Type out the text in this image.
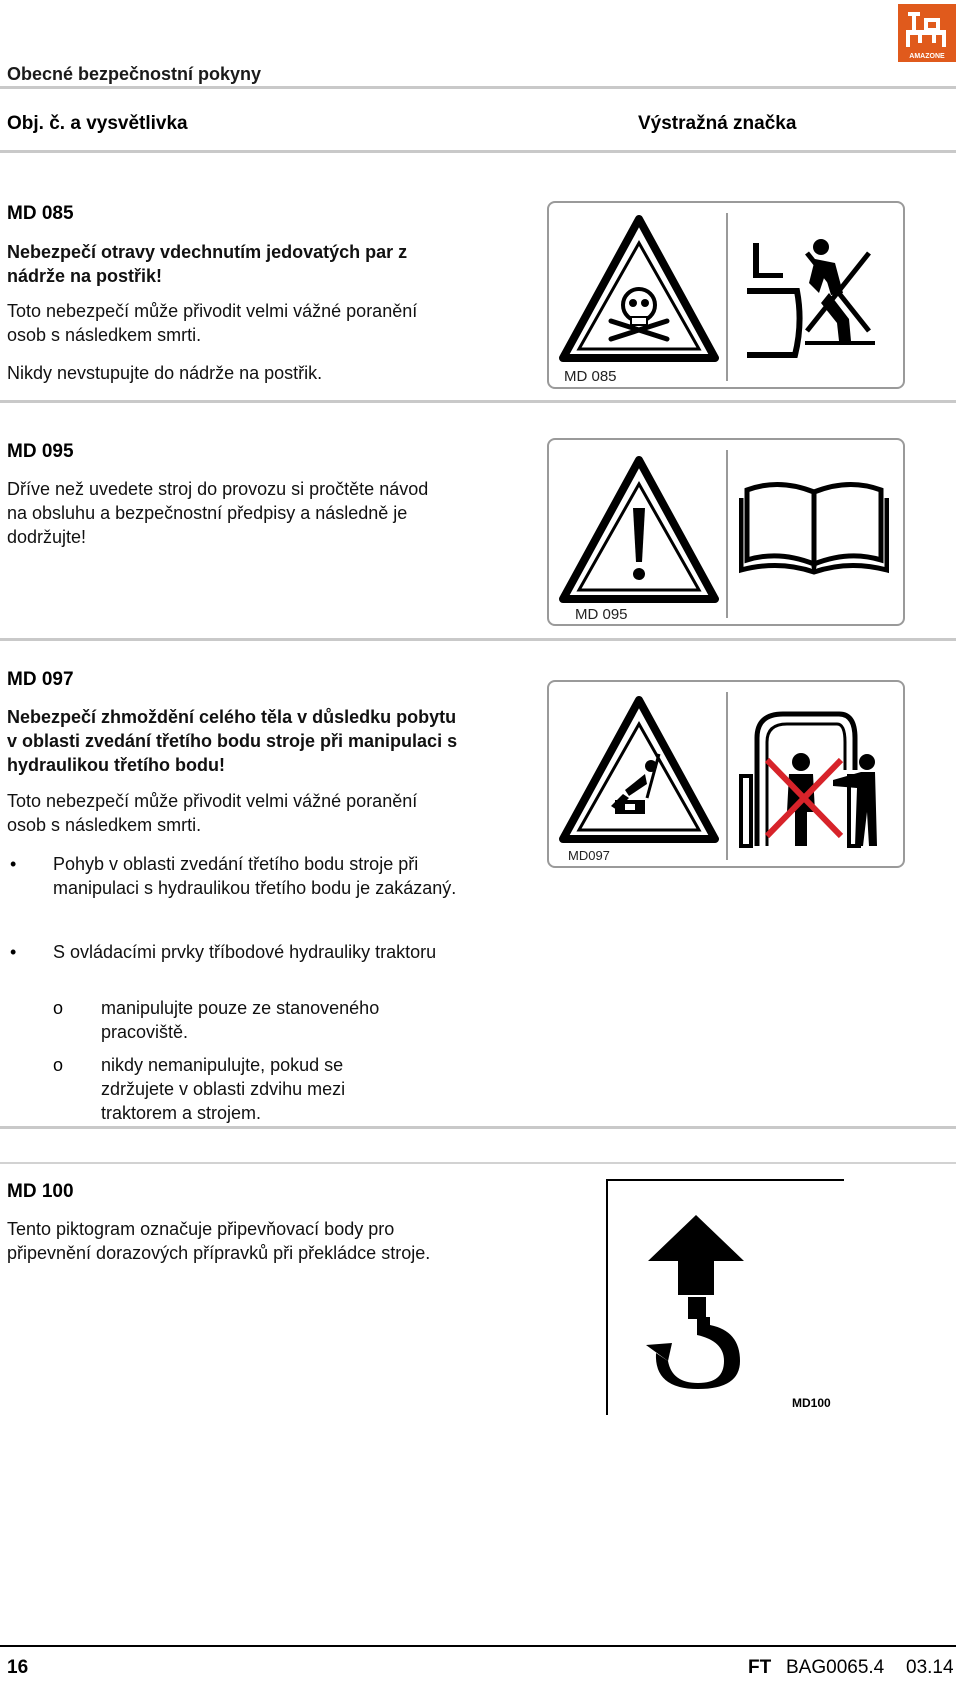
AMAZONE
Obecné bezpečnostní pokyny
Obj. č. a vysvětlivka	Výstražná značka
MD 085
Nebezpečí otravy vdechnutím jedovatých par z nádrže na postřik!
Toto nebezpečí může přivodit velmi vážné poranění osob s následkem smrti.
Nikdy nevstupujte do nádrže na postřik.	MD 085
MD 095
Dříve než uvedete stroj do provozu si pročtěte návod na obsluhu a bezpečnostní předpisy a následně je dodržujte!
MD 095
MD 097
Nebezpečí zhmoždění celého těla v důsledku pobytu v oblasti zvedání třetího bodu stroje při manipulaci s hydraulikou třetího bodu!
Toto nebezpečí může přivodit velmi vážné poranění osob s následkem smrti.
• Pohyb v oblasti zvedání třetího bodu stroje při manipulaci s hydraulikou třetího bodu je zakázaný.
• S ovládacími prvky tříbodové hydrauliky traktoru
ο manipulujte pouze ze stanoveného pracoviště.
ο nikdy nemanipulujte, pokud se zdržujete v oblasti zdvihu mezi traktorem a strojem.
MD097
MD 100
Tento piktogram označuje připevňovací body pro připevnění dorazových přípravků při překládce stroje.
MD100
16	FT BAG0065.4 03.14
